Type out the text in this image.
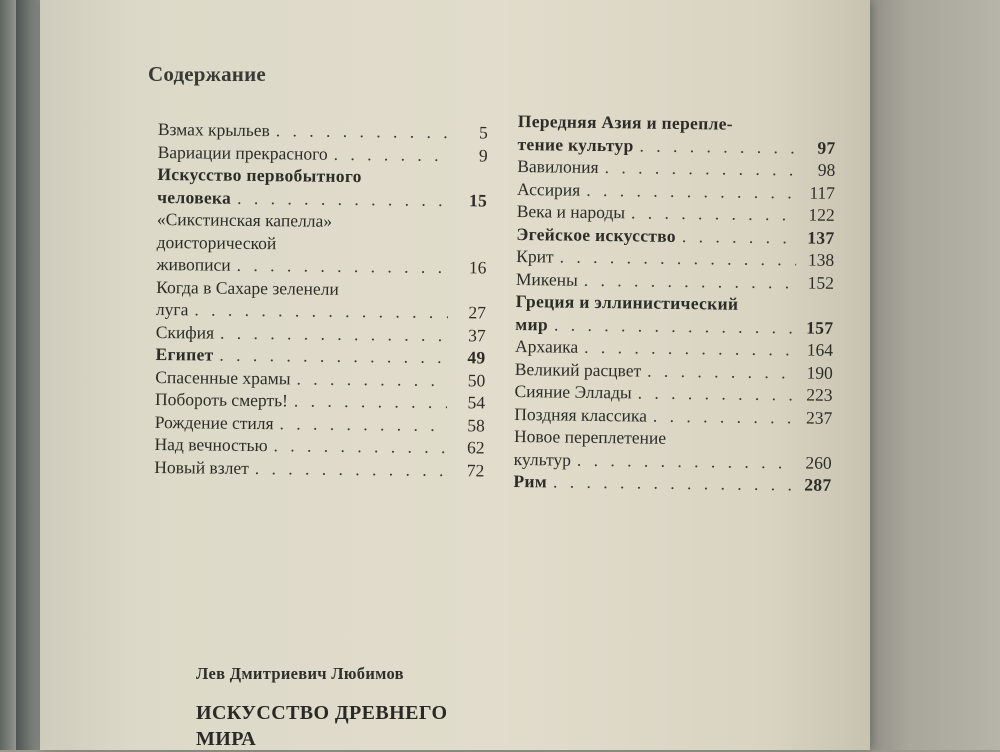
Содержание
Взмах крыльев . . .	5
Вариации прекрасного . . .	9
Искусство первобытного
человека . . .	15
«Сикстинская капелла»
доисторической
живописи . . .	16
Когда в Сахаре зеленели
луга . . .	27
Скифия . . .	37
Египет . . .	49
Спасенные храмы . . .	50
Побороть смерть! . . .	54
Рождение стиля . . .	58
Над вечностью . . .	62
Новый взлет . . .	72
Передняя Азия и перепле-
тение культур . . .	97
Вавилония . . .	98
Ассирия . . .	117
Века и народы . . .	122
Эгейское искусство . . .	137
Крит . . .	138
Микены . . .	152
Греция и эллинистический
мир . . .	157
Архаика . . .	164
Великий расцвет . . .	190
Сияние Эллады . . .	223
Поздняя классика . . .	237
Новое переплетение
культур . . .	260
Рим . . .	287
Лев Дмитриевич Любимов
ИСКУССТВО ДРЕВНЕГО
МИРА
